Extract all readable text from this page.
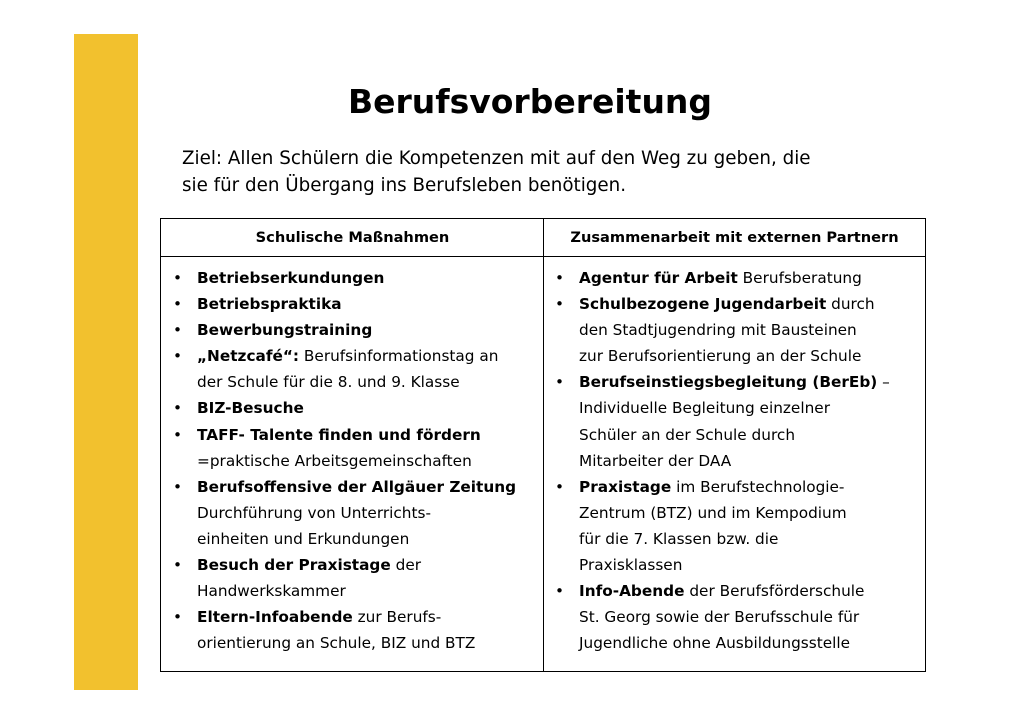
Berufsvorbereitung
Ziel: Allen Schülern die Kompetenzen mit auf den Weg zu geben, die
sie für den Übergang ins Berufsleben benötigen.
Schulische Maßnahmen	Zusammenarbeit mit externen Partnern
• Betriebserkundungen
• Betriebspraktika
• Bewerbungstraining
• „Netzcafé“: Berufsinformationstag an
der Schule für die 8. und 9. Klasse
• BIZ-Besuche
• TAFF- Talente finden und fördern
=praktische Arbeitsgemeinschaften
• Berufsoffensive der Allgäuer Zeitung
Durchführung von Unterrichts-
einheiten und Erkundungen
• Besuch der Praxistage der
Handwerkskammer
• Eltern-Infoabende zur Berufs-
orientierung an Schule, BIZ und BTZ
• Agentur für Arbeit Berufsberatung
• Schulbezogene Jugendarbeit durch
den Stadtjugendring mit Bausteinen
zur Berufsorientierung an der Schule
• Berufseinstiegsbegleitung (BerEb) –
Individuelle Begleitung einzelner
Schüler an der Schule durch
Mitarbeiter der DAA
• Praxistage im Berufstechnologie-
Zentrum (BTZ) und im Kempodium
für die 7. Klassen bzw. die
Praxisklassen
• Info-Abende der Berufsförderschule
St. Georg sowie der Berufsschule für
Jugendliche ohne Ausbildungsstelle
